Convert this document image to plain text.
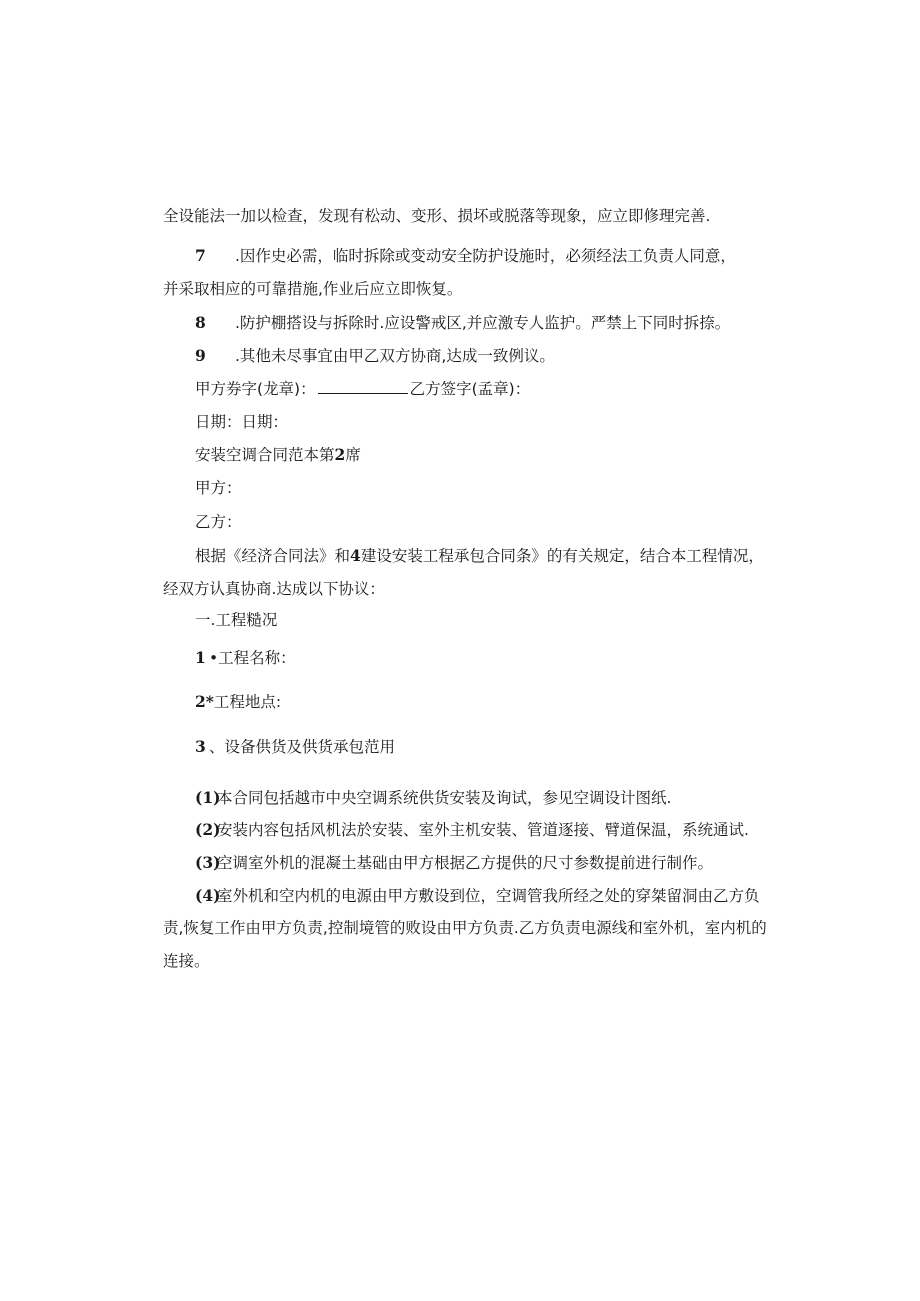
全设能法一加以检查，发现有松动、变形、损坏或脱落等现象，应立即修理完善.
7 .因作史必需，临时拆除或变动安全防护设施时，必须经法工负责人同意，
并采取相应的可靠措施,作业后应立即恢复。
8 .防护棚搭设与拆除时.应设警戒区,并应激专人监护。严禁上下同时拆捺。
9 .其他未尽事宜由甲乙双方协商,达成一致例议。
甲方券字(龙章)：	乙方签字(孟章)：
日期：日期：
安装空调合同范本第2席
甲方：
乙方：
根据《经济合同法》和4建设安装工程承包合同条》的有关规定，结合本工程情况，
经双方认真协商.达成以下协议：
一.工程糙况
1 •工程名称：
2*工程地点:
3 、设备供货及供货承包范用
(1)本合同包括越市中央空调系统供货安装及询试，参见空调设计图纸.
(2)安装内容包括风机法於安装、室外主机安装、管道逐接、臂道保温，系统通试.
(3)空调室外机的混凝土基础由甲方根据乙方提供的尺寸参数提前进行制作。
(4)室外机和空内机的电源由甲方敷设到位，空调管我所经之处的穿桀留洞由乙方负
责,恢复工作由甲方负责,控制境管的败设由甲方负责.乙方负责电源线和室外机，室内机的
连接。
